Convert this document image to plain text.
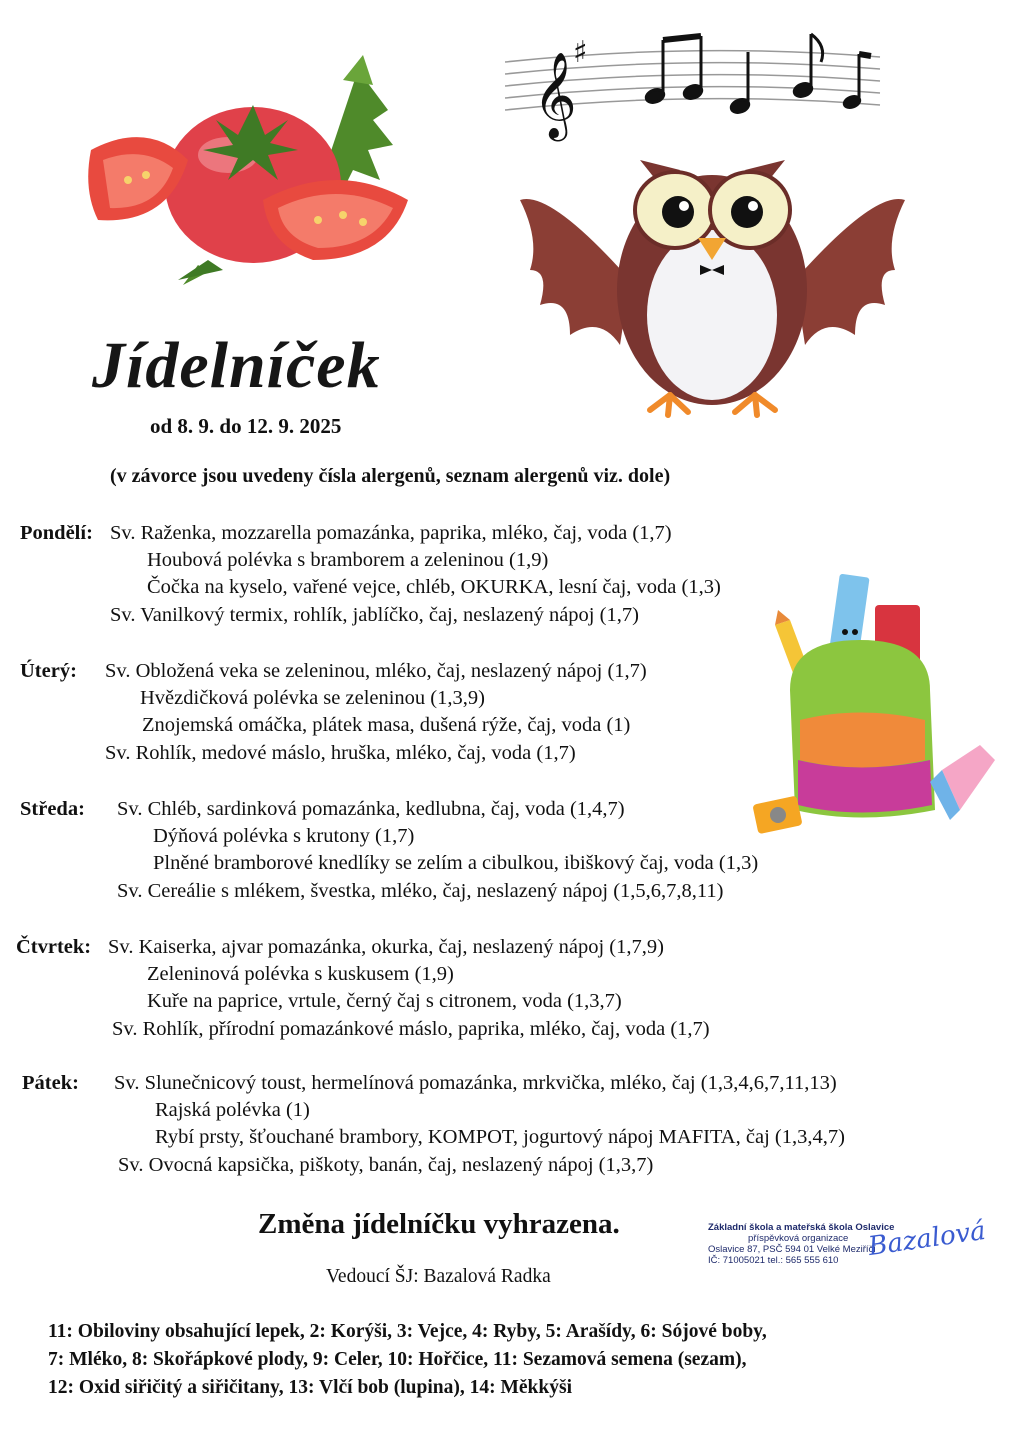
𝄞
♯
Jídelníček
od 8. 9. do 12. 9. 2025
(v závorce jsou uvedeny čísla alergenů, seznam alergenů viz. dole)
Pondělí: Sv. Raženka, mozzarella pomazánka, paprika, mléko, čaj, voda (1,7)
Houbová polévka s bramborem a zeleninou (1,9)
Čočka na kyselo, vařené vejce, chléb, OKURKA, lesní čaj, voda (1,3)
Sv. Vanilkový termix, rohlík, jablíčko, čaj, neslazený nápoj (1,7)
Úterý: Sv. Obložená veka se zeleninou, mléko, čaj, neslazený nápoj (1,7)
Hvězdičková polévka se zeleninou (1,3,9)
Znojemská omáčka, plátek masa, dušená rýže, čaj, voda (1)
Sv. Rohlík, medové máslo, hruška, mléko, čaj, voda (1,7)
Středa: Sv. Chléb, sardinková pomazánka, kedlubna, čaj, voda (1,4,7)
Dýňová polévka s krutony (1,7)
Plněné bramborové knedlíky se zelím a cibulkou, ibiškový čaj, voda (1,3)
Sv. Cereálie s mlékem, švestka, mléko, čaj, neslazený nápoj (1,5,6,7,8,11)
Čtvrtek: Sv. Kaiserka, ajvar pomazánka, okurka, čaj, neslazený nápoj (1,7,9)
Zeleninová polévka s kuskusem (1,9)
Kuře na paprice, vrtule, černý čaj s citronem, voda (1,3,7)
Sv. Rohlík, přírodní pomazánkové máslo, paprika, mléko, čaj, voda (1,7)
Pátek: Sv. Slunečnicový toust, hermelínová pomazánka, mrkvička, mléko, čaj (1,3,4,6,7,11,13)
Rajská polévka (1)
Rybí prsty, šťouchané brambory, KOMPOT, jogurtový nápoj MAFITA, čaj (1,3,4,7)
Sv. Ovocná kapsička, piškoty, banán, čaj, neslazený nápoj (1,3,7)
Změna jídelníčku vyhrazena.
Vedoucí ŠJ: Bazalová Radka
Základní škola a mateřská škola Oslavice
příspěvková organizace
Oslavice 87, PSČ 594 01 Velké Meziříčí
IČ: 71005021 tel.: 565 555 610	Bazalová
11: Obiloviny obsahující lepek, 2: Korýši, 3: Vejce, 4: Ryby, 5: Arašídy, 6: Sójové boby,
7: Mléko, 8: Skořápkové plody, 9: Celer, 10: Hořčice, 11: Sezamová semena (sezam),
12: Oxid siřičitý a siřičitany, 13: Vlčí bob (lupina), 14: Měkkýši
